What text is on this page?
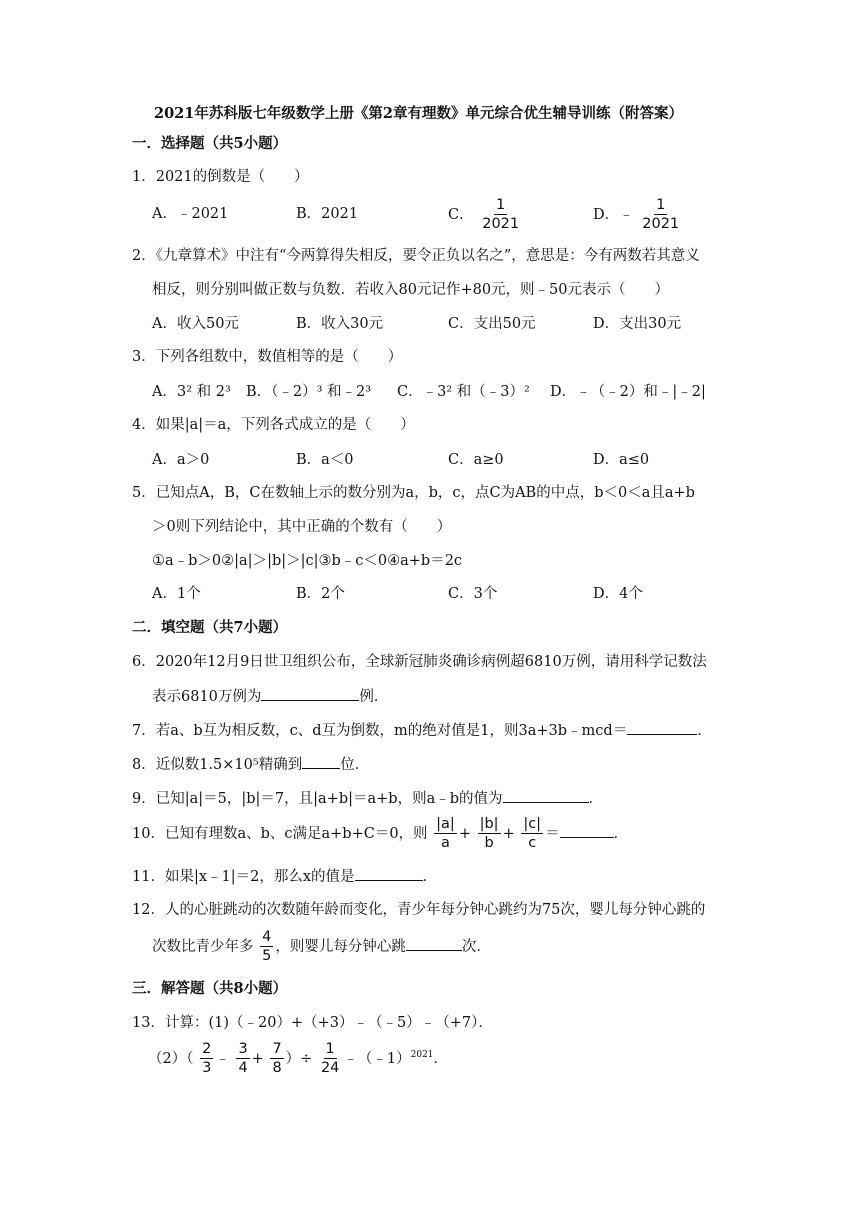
2021年苏科版七年级数学上册《第2章有理数》单元综合优生辅导训练（附答案）
一．选择题（共5小题）
1．2021的倒数是（　　）
A．﹣2021	B．2021	C． $\frac{1}{2021}$	D．﹣ $\frac{1}{2021}$
2．《九章算术》中注有“今两算得失相反，要令正负以名之”，意思是：今有两数若其意义
相反，则分别叫做正数与负数．若收入80元记作+80元，则﹣50元表示（　　）
A．收入50元	B．收入30元	C．支出50元	D．支出30元
3．下列各组数中，数值相等的是（　　）
A．3² 和 2³ B．（﹣2）³ 和﹣2³ C．﹣3² 和（﹣3）² D．﹣（﹣2）和﹣|﹣2|
4．如果|a|＝a，下列各式成立的是（　　）
A．a＞0	B．a＜0	C．a≥0	D．a≤0
5．已知点A，B，C在数轴上示的数分别为a，b，c，点C为AB的中点，b＜0＜a且a+b
＞0则下列结论中，其中正确的个数有（　　）
①a﹣b＞0②|a|＞|b|＞|c|③b﹣c＜0④a+b＝2c
A．1个	B．2个	C．3个	D．4个
二．填空题（共7小题）
6．2020年12月9日世卫组织公布，全球新冠肺炎确诊病例超6810万例，请用科学记数法
表示6810万例为	例．
7．若a、b互为相反数，c、d互为倒数，m的绝对值是1，则3a+3b﹣mcd＝	．
8．近似数1.5×10⁵精确到	位．
9．已知|a|＝5，|b|＝7，且|a+b|＝a+b，则a﹣b的值为	．
10．已知有理数a、b、c满足a+b+C＝0，则 $\frac{|a|}{a} + \frac{|b|}{b} + \frac{|c|}{c}$ ＝	．
11．如果|x﹣1|＝2，那么x的值是	．
12．人的心脏跳动的次数随年龄而变化，青少年每分钟心跳约为75次，婴儿每分钟心跳的
次数比青少年多 $\frac{4}{5}$ ，则婴儿每分钟心跳	次．
三．解答题（共8小题）
13．计算：(1)（﹣20）+（+3）﹣（﹣5）﹣（+7）．
$(2)( \frac{2}{3}$ ﹣ $\frac{3}{4} + \frac{7}{8}$ ）÷ $\frac{1}{24}$ ﹣（﹣1）$^{2021}$．
